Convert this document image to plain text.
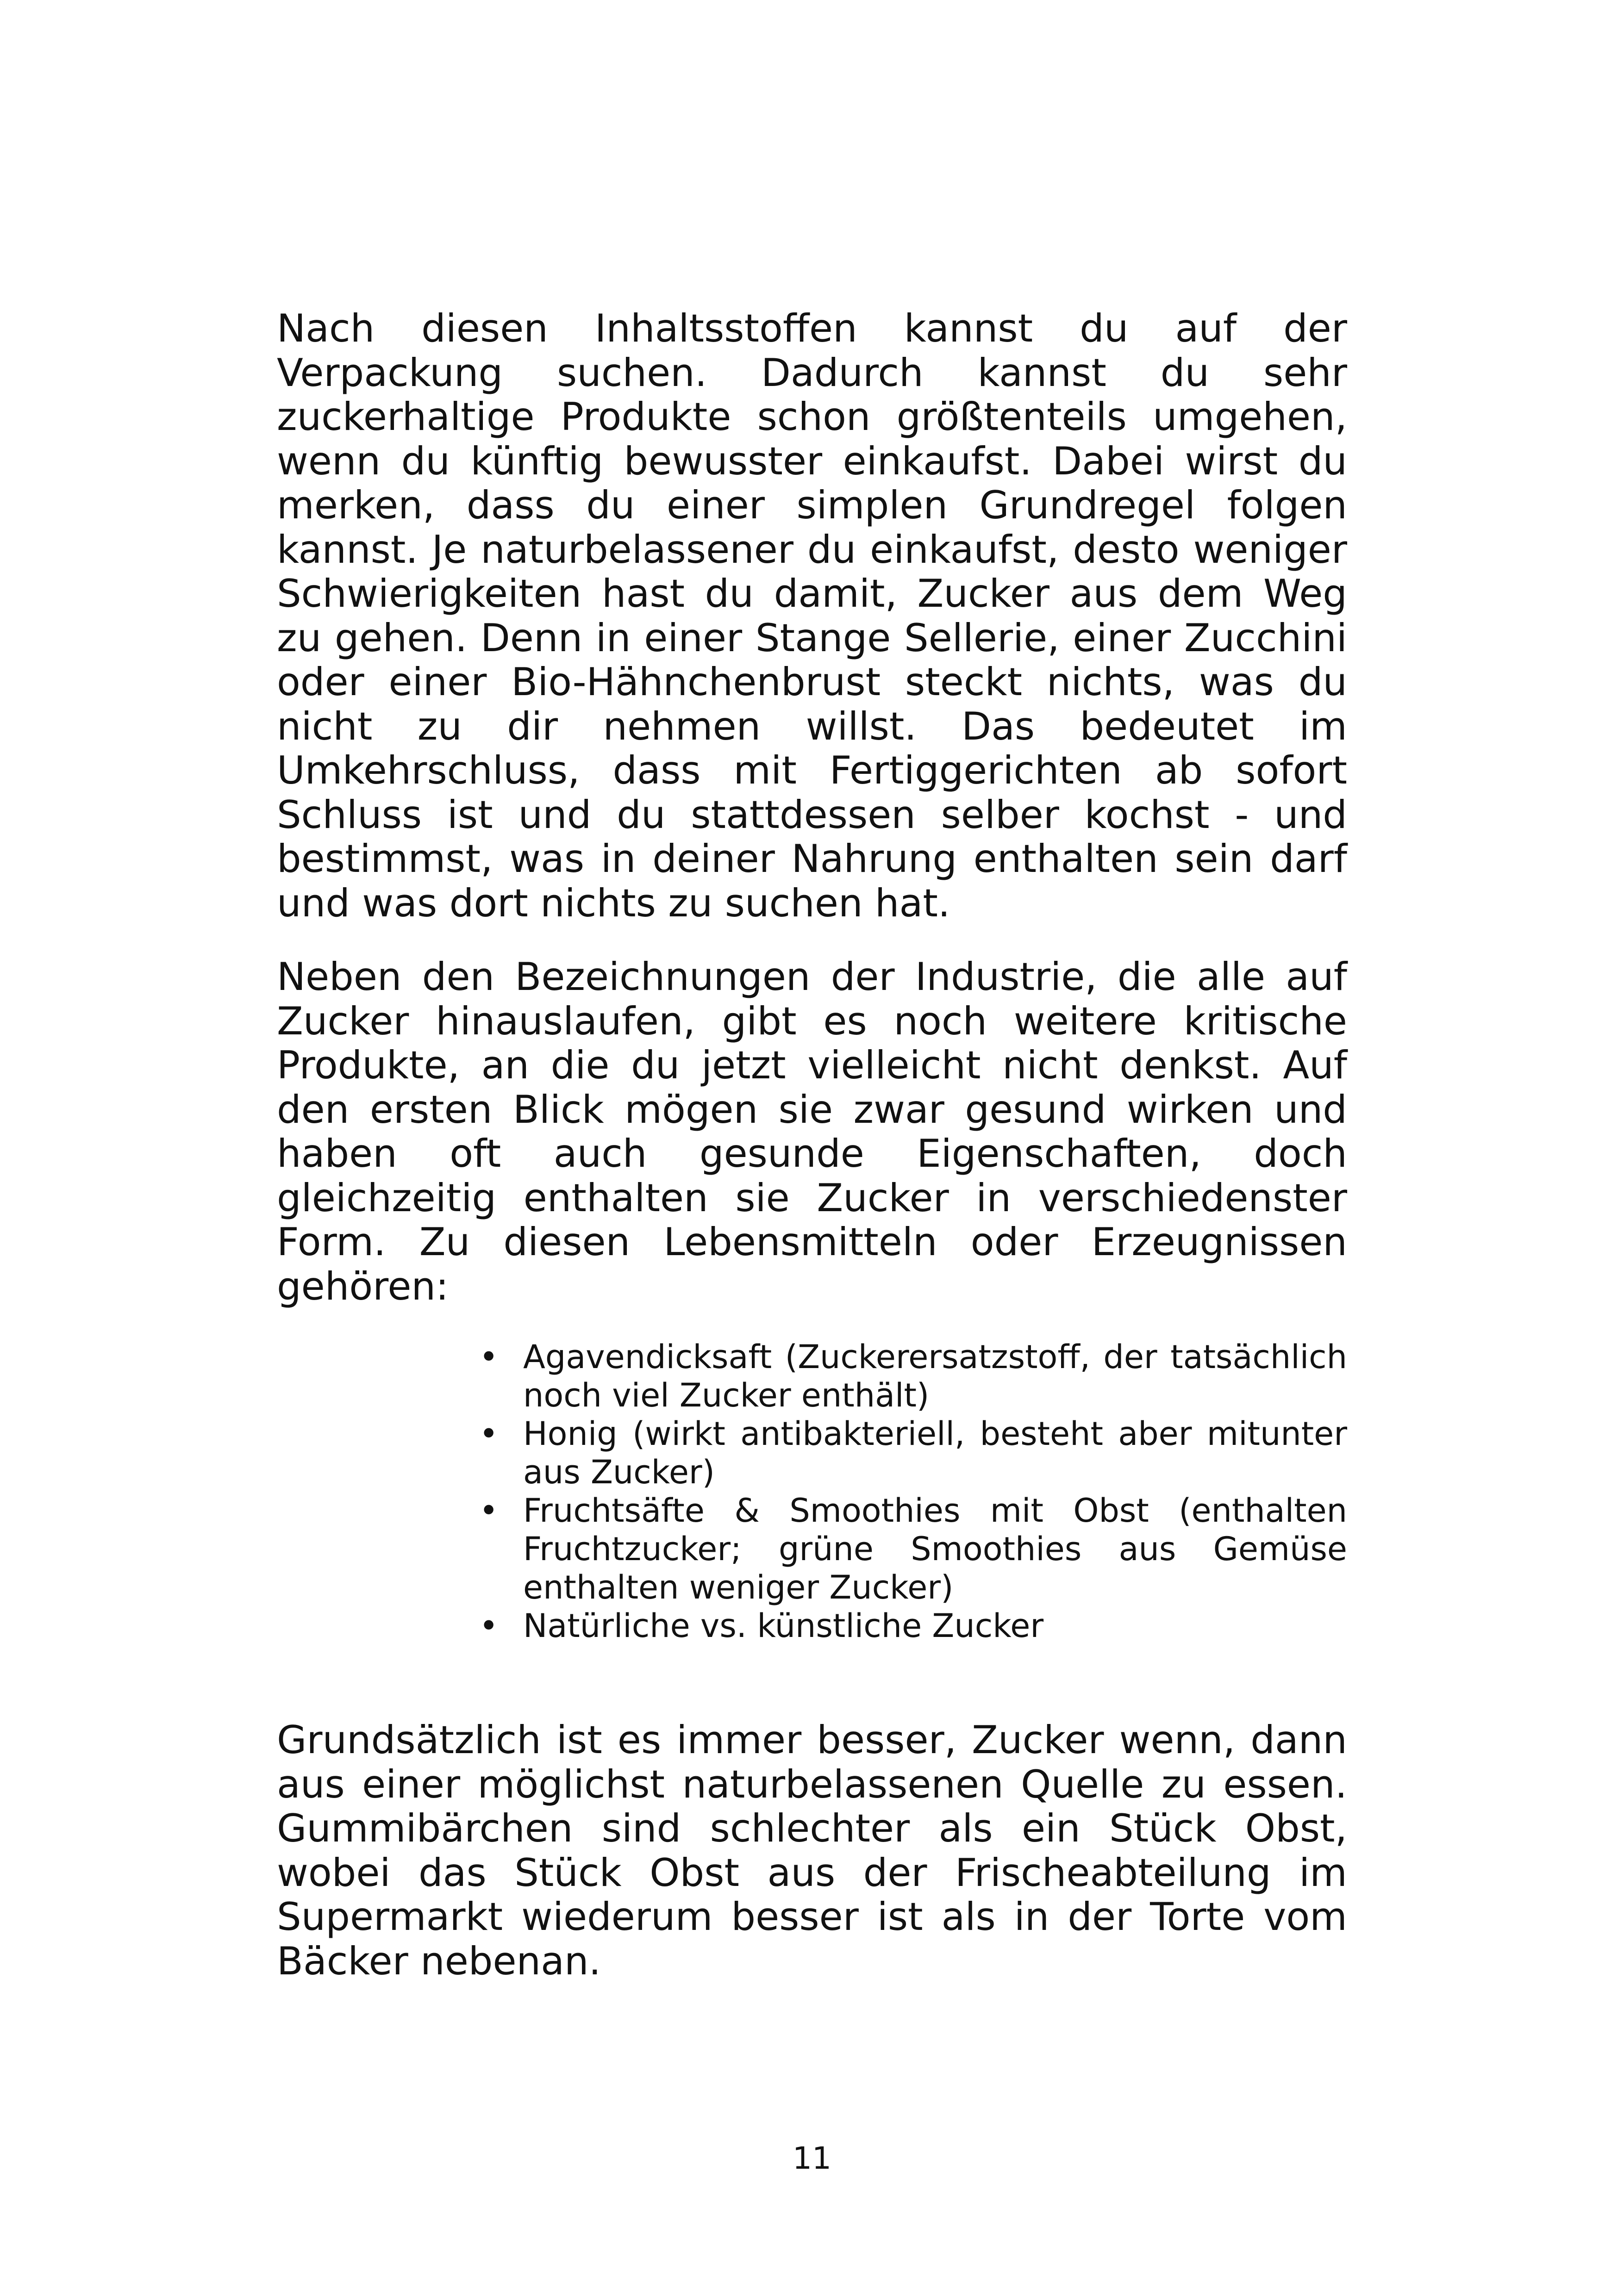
Nach diesen Inhaltsstoffen kannst du auf der Verpackung suchen. Dadurch kannst du sehr zuckerhaltige Produkte schon größtenteils umgehen, wenn du künftig bewusster einkaufst. Dabei wirst du merken, dass du einer simplen Grundregel folgen kannst. Je naturbelassener du einkaufst, desto weniger Schwierigkeiten hast du damit, Zucker aus dem Weg zu gehen. Denn in einer Stange Sellerie, einer Zucchini oder einer Bio-Hähnchenbrust steckt nichts, was du nicht zu dir nehmen willst. Das bedeutet im Umkehrschluss, dass mit Fertiggerichten ab sofort Schluss ist und du stattdessen selber kochst - und bestimmst, was in deiner Nahrung enthalten sein darf und was dort nichts zu suchen hat.

Neben den Bezeichnungen der Industrie, die alle auf Zucker hinauslaufen, gibt es noch weitere kritische Produkte, an die du jetzt vielleicht nicht denkst. Auf den ersten Blick mögen sie zwar gesund wirken und haben oft auch gesunde Eigenschaften, doch gleichzeitig enthalten sie Zucker in verschiedenster Form. Zu diesen Lebensmitteln oder Erzeugnissen gehören:

• Agavendicksaft (Zuckerersatzstoff, der tatsächlich noch viel Zucker enthält)
• Honig (wirkt antibakteriell, besteht aber mitunter aus Zucker)
• Fruchtsäfte & Smoothies mit Obst (enthalten Fruchtzucker; grüne Smoothies aus Gemüse enthalten weniger Zucker)
• Natürliche vs. künstliche Zucker

Grundsätzlich ist es immer besser, Zucker wenn, dann aus einer möglichst naturbelassenen Quelle zu essen. Gummibärchen sind schlechter als ein Stück Obst, wobei das Stück Obst aus der Frischeabteilung im Supermarkt wiederum besser ist als in der Torte vom Bäcker nebenan.

11
